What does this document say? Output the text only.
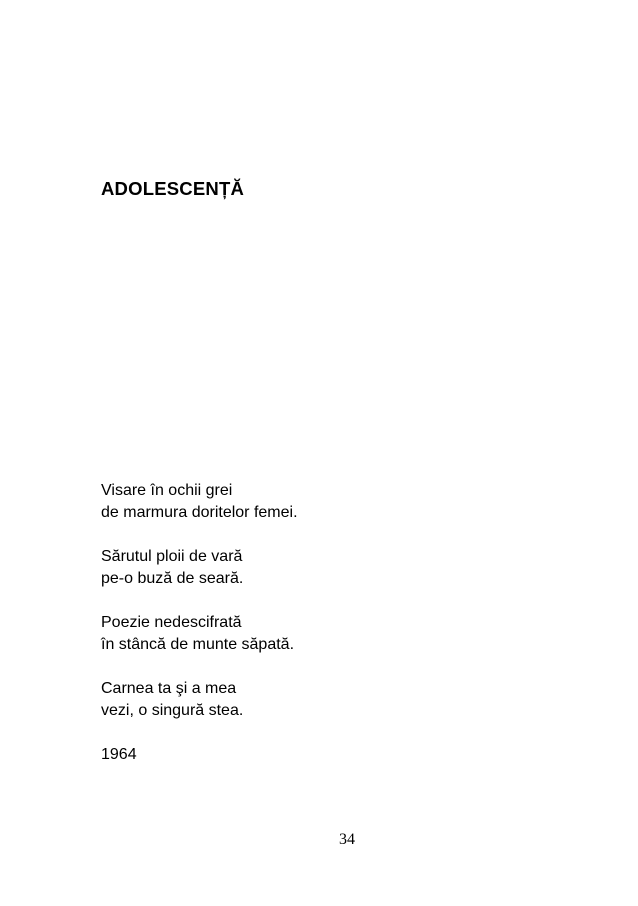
ADOLESCENȚĂ
Visare în ochii grei
de marmura doritelor femei.
Sărutul ploii de vară
pe-o buză de seară.
Poezie nedescifrată
în stâncă de munte săpată.
Carnea ta şi a mea
vezi, o singură stea.
1964
34
